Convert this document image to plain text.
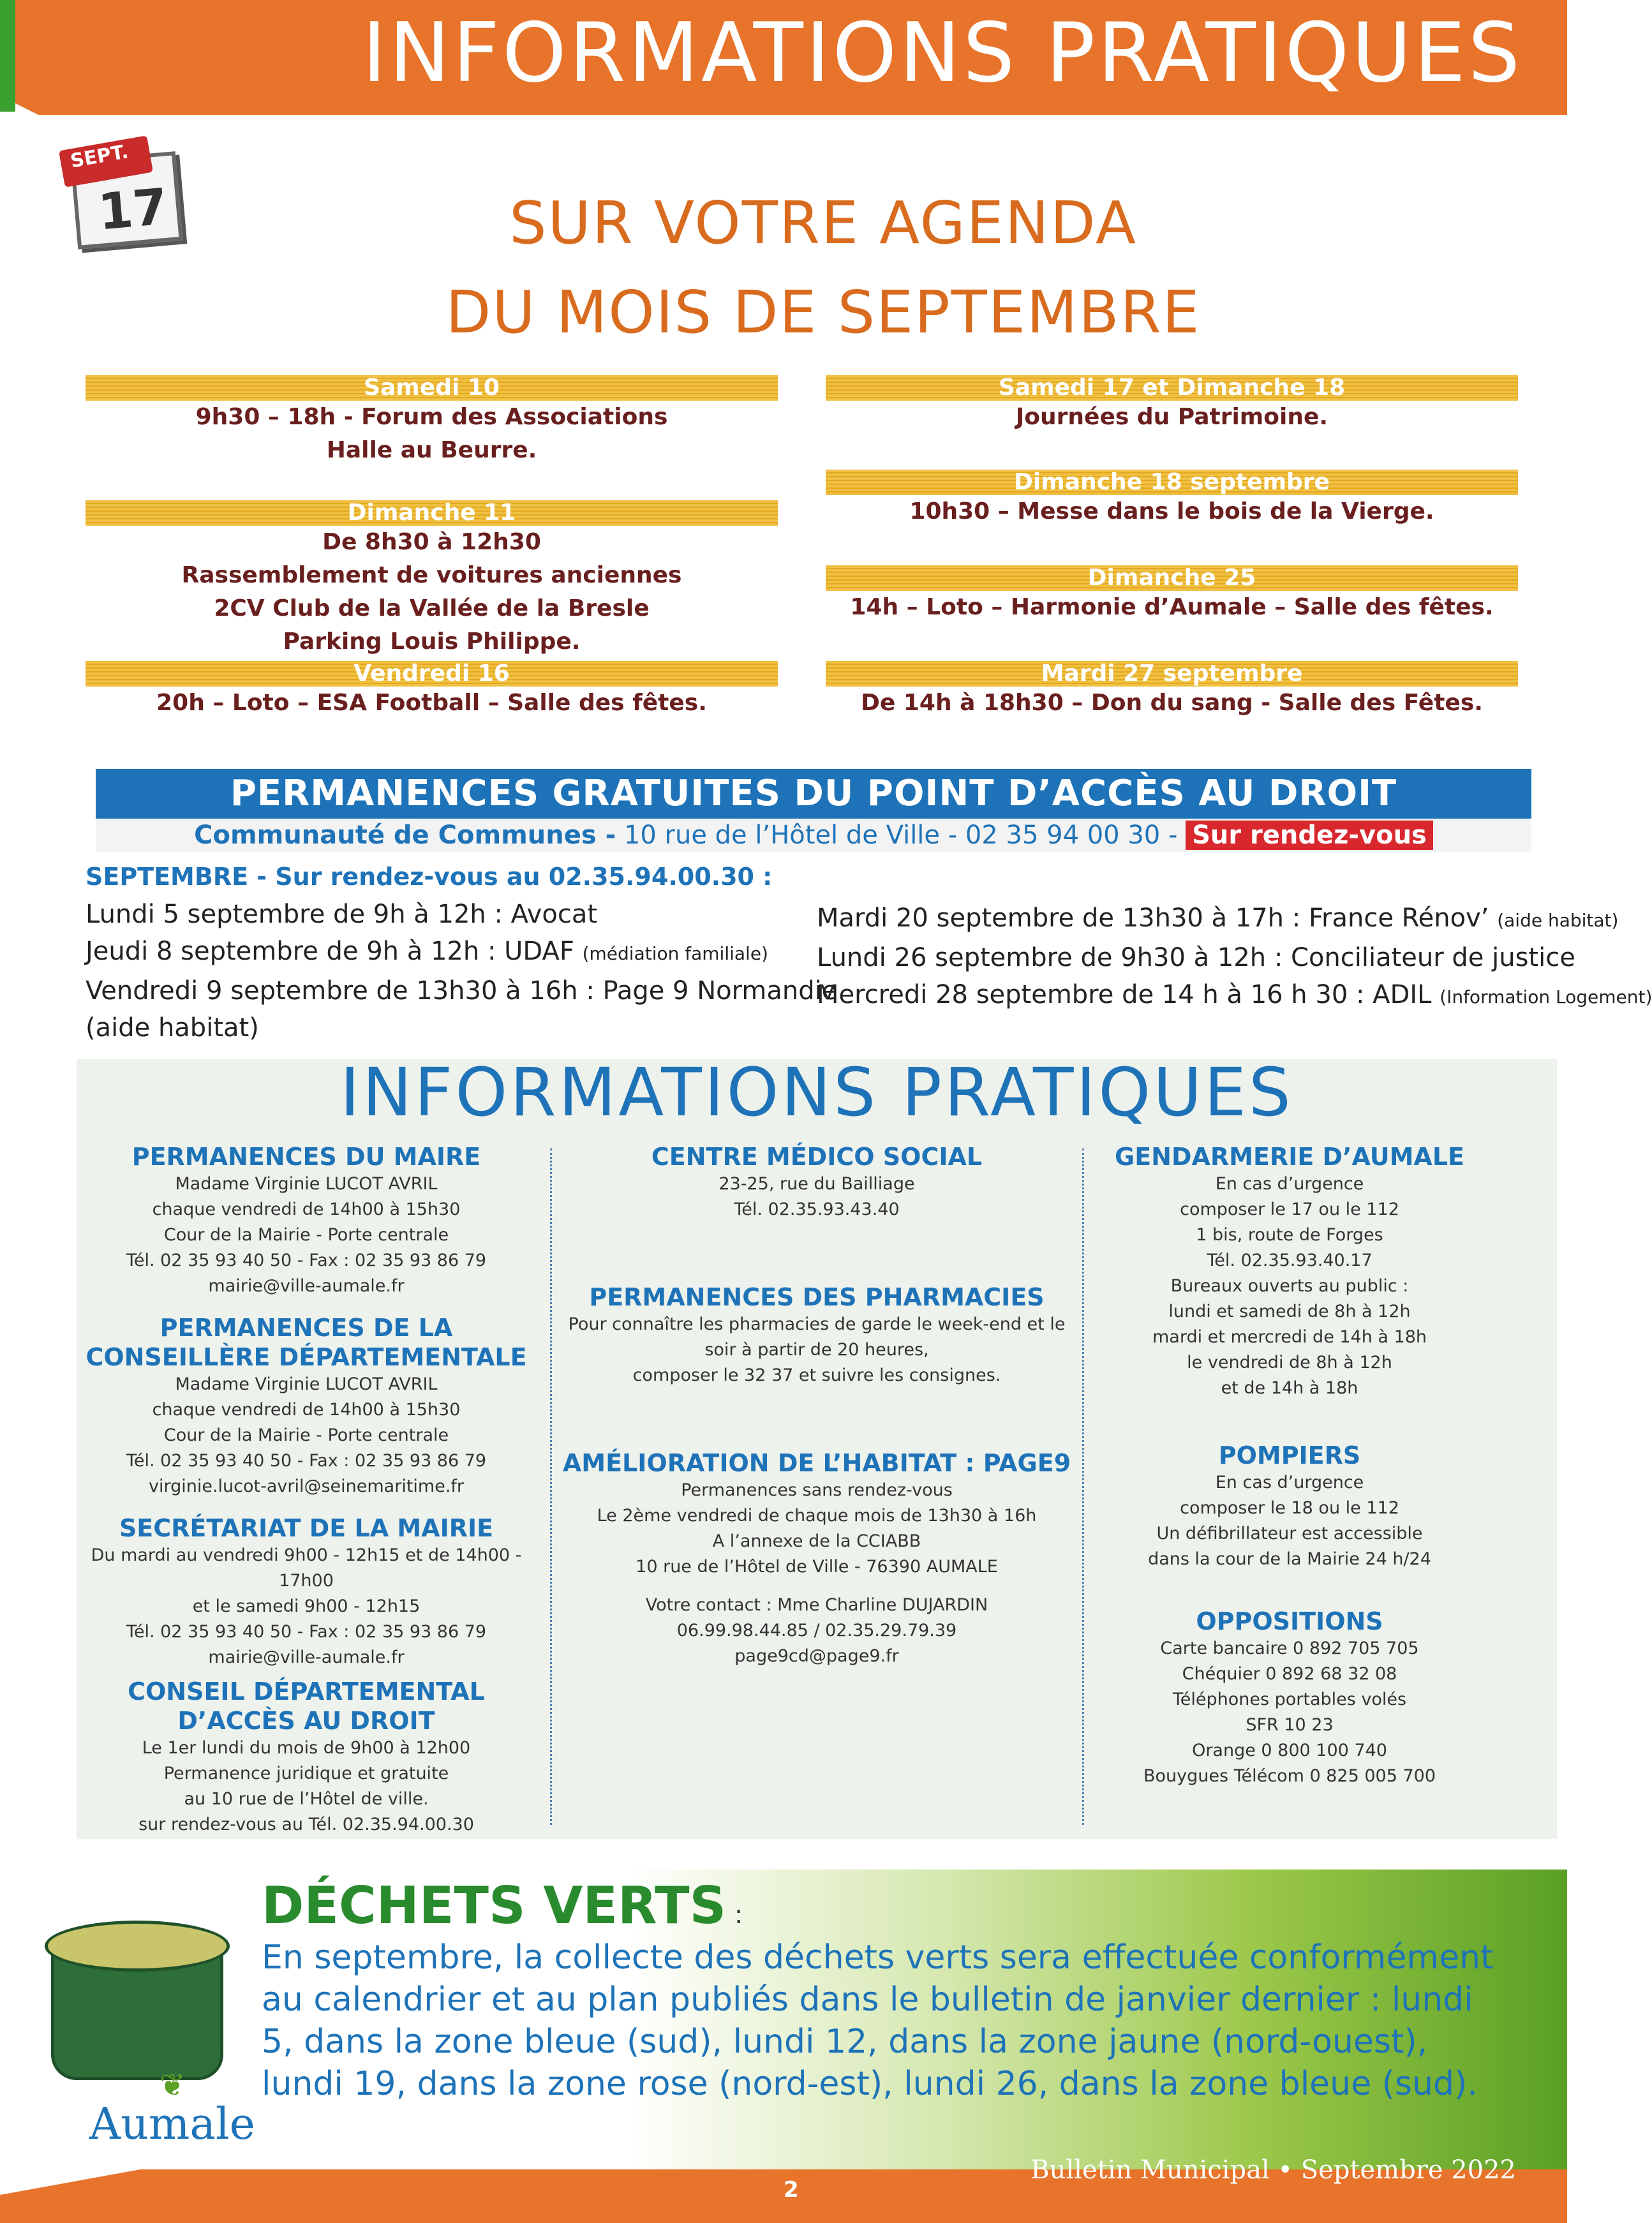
INFORMATIONS PRATIQUES
SEPT.
17	SUR VOTRE AGENDA
DU MOIS DE SEPTEMBRE
Samedi 10
9h30 – 18h - Forum des Associations
Halle au Beurre.
Dimanche 11
De 8h30 à 12h30
Rassemblement de voitures anciennes
2CV Club de la Vallée de la Bresle
Parking Louis Philippe.
Vendredi 16
20h – Loto – ESA Football – Salle des fêtes.
Samedi 17 et Dimanche 18
Journées du Patrimoine.
Dimanche 18 septembre
10h30 – Messe dans le bois de la Vierge.
Dimanche 25
14h – Loto – Harmonie d’Aumale – Salle des fêtes.
Mardi 27 septembre
De 14h à 18h30 – Don du sang - Salle des Fêtes.
PERMANENCES GRATUITES DU POINT D’ACCÈS AU DROIT
Communauté de Communes - 10 rue de l’Hôtel de Ville - 02 35 94 00 30 - Sur rendez-vous
SEPTEMBRE - Sur rendez-vous au 02.35.94.00.30 :
Lundi 5 septembre de 9h à 12h : Avocat
Jeudi 8 septembre de 9h à 12h : UDAF (médiation familiale)
Vendredi 9 septembre de 13h30 à 16h : Page 9 Normandie
(aide habitat)
Mardi 20 septembre de 13h30 à 17h : France Rénov’ (aide habitat)
Lundi 26 septembre de 9h30 à 12h : Conciliateur de justice
Mercredi 28 septembre de 14 h à 16 h 30 : ADIL (Information Logement)
INFORMATIONS PRATIQUES
PERMANENCES DU MAIRE
Madame Virginie LUCOT AVRIL
chaque vendredi de 14h00 à 15h30
Cour de la Mairie - Porte centrale
Tél. 02 35 93 40 50 - Fax : 02 35 93 86 79
mairie@ville-aumale.fr
PERMANENCES DE LA CONSEILLÈRE DÉPARTEMENTALE
Madame Virginie LUCOT AVRIL
chaque vendredi de 14h00 à 15h30
Cour de la Mairie - Porte centrale
Tél. 02 35 93 40 50 - Fax : 02 35 93 86 79
virginie.lucot-avril@seinemaritime.fr
SECRÉTARIAT DE LA MAIRIE
Du mardi au vendredi 9h00 - 12h15 et de 14h00 - 17h00
et le samedi 9h00 - 12h15
Tél. 02 35 93 40 50 - Fax : 02 35 93 86 79
mairie@ville-aumale.fr
CONSEIL DÉPARTEMENTAL D’ACCÈS AU DROIT
Le 1er lundi du mois de 9h00 à 12h00
Permanence juridique et gratuite
au 10 rue de l’Hôtel de ville.
sur rendez-vous au Tél. 02.35.94.00.30
CENTRE MÉDICO SOCIAL
23-25, rue du Bailliage
Tél. 02.35.93.43.40
PERMANENCES DES PHARMACIES
Pour connaître les pharmacies de garde le week-end et le
soir à partir de 20 heures,
composer le 32 37 et suivre les consignes.
AMÉLIORATION DE L’HABITAT : PAGE9
Permanences sans rendez-vous
Le 2ème vendredi de chaque mois de 13h30 à 16h
A l’annexe de la CCIABB
10 rue de l’Hôtel de Ville - 76390 AUMALE
Votre contact : Mme Charline DUJARDIN
06.99.98.44.85 / 02.35.29.79.39
page9cd@page9.fr
GENDARMERIE D’AUMALE
En cas d’urgence
composer le 17 ou le 112
1 bis, route de Forges
Tél. 02.35.93.40.17
Bureaux ouverts au public :
lundi et samedi de 8h à 12h
mardi et mercredi de 14h à 18h
le vendredi de 8h à 12h
et de 14h à 18h
POMPIERS
En cas d’urgence
composer le 18 ou le 112
Un défibrillateur est accessible
dans la cour de la Mairie 24 h/24
OPPOSITIONS
Carte bancaire 0 892 705 705
Chéquier 0 892 68 32 08
Téléphones portables volés
SFR 10 23
Orange 0 800 100 740
Bouygues Télécom 0 825 005 700
DÉCHETS VERTS :
En septembre, la collecte des déchets verts sera effectuée conformément au calendrier et au plan publiés dans le bulletin de janvier dernier : lundi 5, dans la zone bleue (sud), lundi 12, dans la zone jaune (nord-ouest), lundi 19, dans la zone rose (nord-est), lundi 26, dans la zone bleue (sud).
❦
Aumale
2
Bulletin Municipal • Septembre 2022
